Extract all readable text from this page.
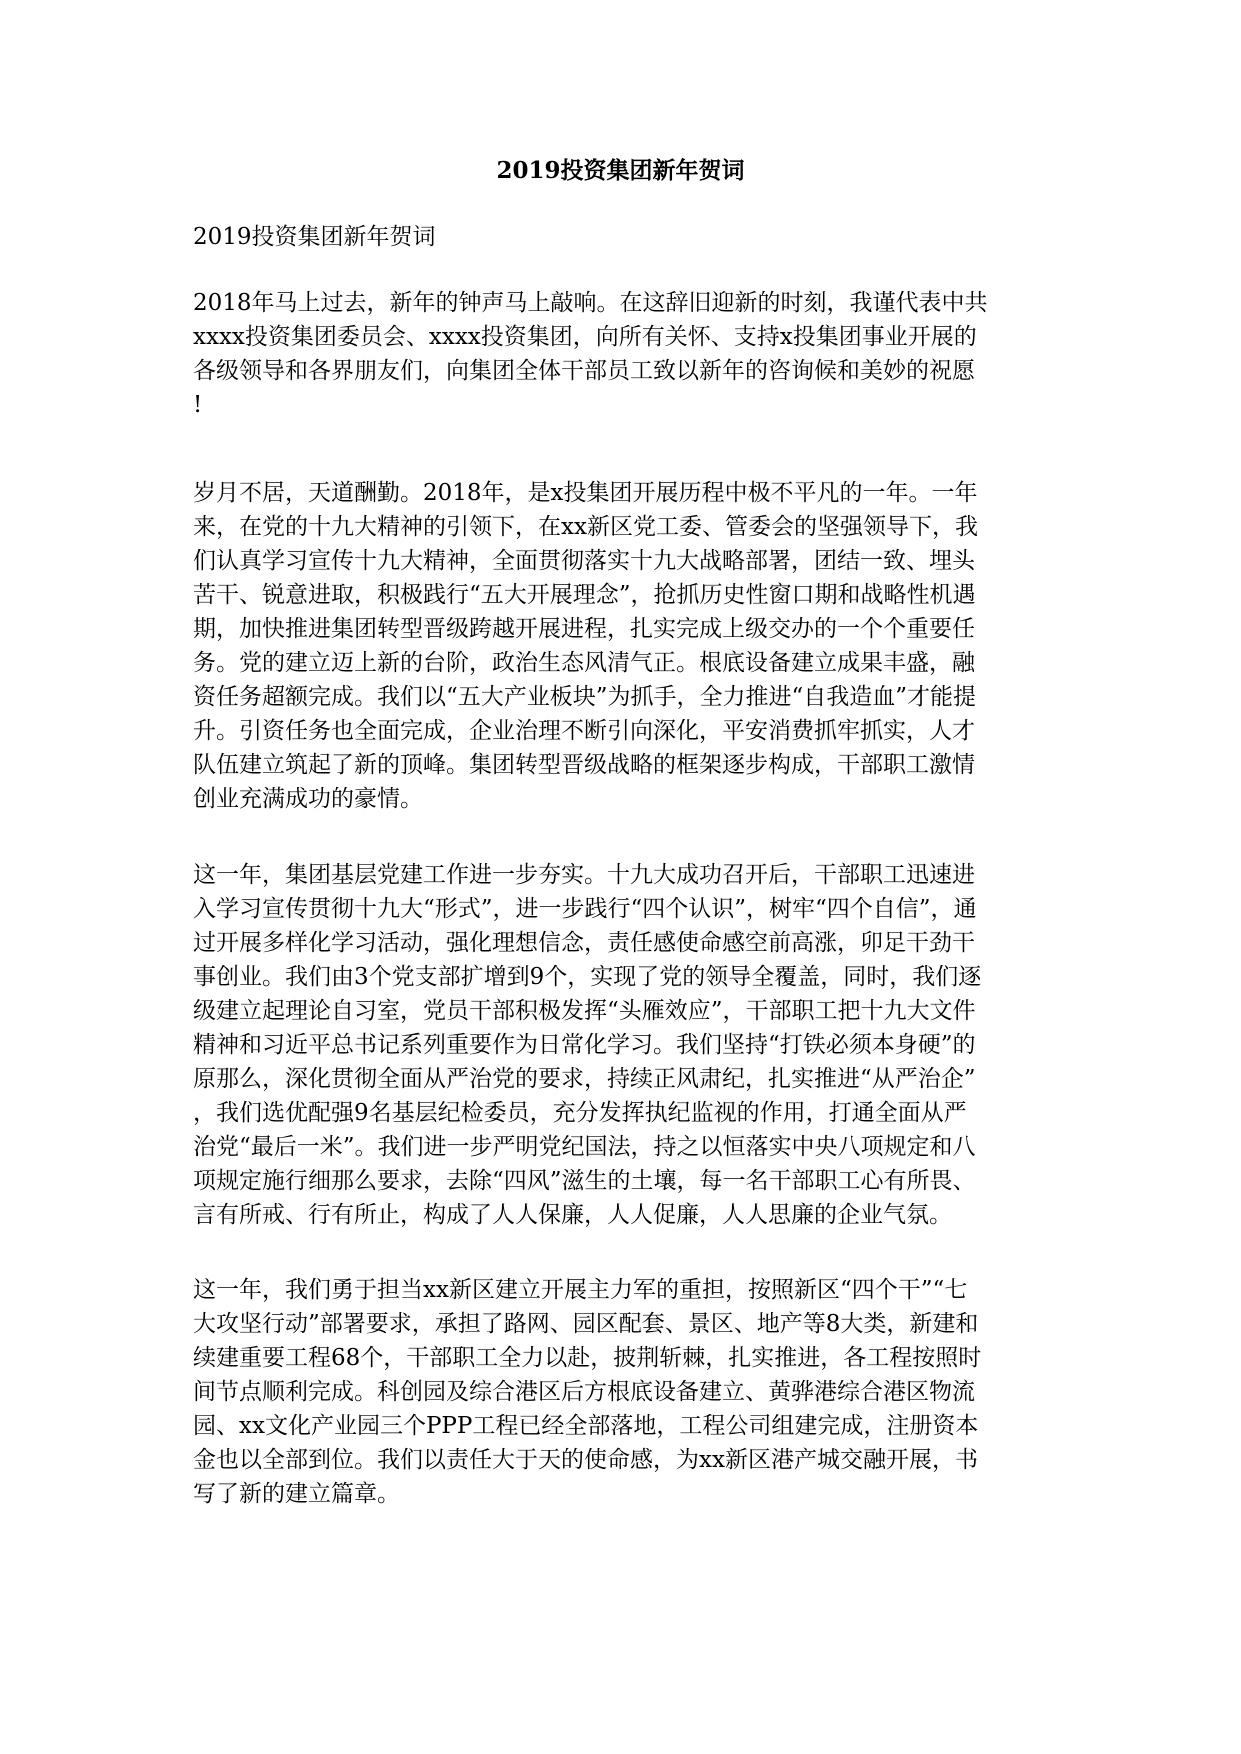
2019投资集团新年贺词

2019投资集团新年贺词

2018年马上过去，新年的钟声马上敲响。在这辞旧迎新的时刻，我谨代表中共
xxxx投资集团委员会、xxxx投资集团，向所有关怀、支持x投集团事业开展的
各级领导和各界朋友们，向集团全体干部员工致以新年的咨询候和美妙的祝愿
!
岁月不居，天道酬勤。2018年，是x投集团开展历程中极不平凡的一年。一年
来，在党的十九大精神的引领下，在xx新区党工委、管委会的坚强领导下，我
们认真学习宣传十九大精神，全面贯彻落实十九大战略部署，团结一致、埋头
苦干、锐意进取，积极践行“五大开展理念”，抢抓历史性窗口期和战略性机遇
期，加快推进集团转型晋级跨越开展进程，扎实完成上级交办的一个个重要任
务。党的建立迈上新的台阶，政治生态风清气正。根底设备建立成果丰盛，融
资任务超额完成。我们以“五大产业板块”为抓手，全力推进“自我造血”才能提
升。引资任务也全面完成，企业治理不断引向深化，平安消费抓牢抓实，人才
队伍建立筑起了新的顶峰。集团转型晋级战略的框架逐步构成，干部职工激情
创业充满成功的豪情。
这一年，集团基层党建工作进一步夯实。十九大成功召开后，干部职工迅速进
入学习宣传贯彻十九大“形式”，进一步践行“四个认识”，树牢“四个自信”，通
过开展多样化学习活动，强化理想信念，责任感使命感空前高涨，卯足干劲干
事创业。我们由3个党支部扩增到9个，实现了党的领导全覆盖，同时，我们逐
级建立起理论自习室，党员干部积极发挥“头雁效应”，干部职工把十九大文件
精神和习近平总书记系列重要作为日常化学习。我们坚持“打铁必须本身硬”的
原那么，深化贯彻全面从严治党的要求，持续正风肃纪，扎实推进“从严治企”
，我们选优配强9名基层纪检委员，充分发挥执纪监视的作用，打通全面从严
治党“最后一米”。我们进一步严明党纪国法，持之以恒落实中央八项规定和八
项规定施行细那么要求，去除“四风”滋生的土壤，每一名干部职工心有所畏、
言有所戒、行有所止，构成了人人保廉，人人促廉，人人思廉的企业气氛。
这一年，我们勇于担当xx新区建立开展主力军的重担，按照新区“四个干”“七
大攻坚行动”部署要求，承担了路网、园区配套、景区、地产等8大类，新建和
续建重要工程68个，干部职工全力以赴，披荆斩棘，扎实推进，各工程按照时
间节点顺利完成。科创园及综合港区后方根底设备建立、黄骅港综合港区物流
园、xx文化产业园三个PPP工程已经全部落地，工程公司组建完成，注册资本
金也以全部到位。我们以责任大于天的使命感，为xx新区港产城交融开展，书
写了新的建立篇章。
